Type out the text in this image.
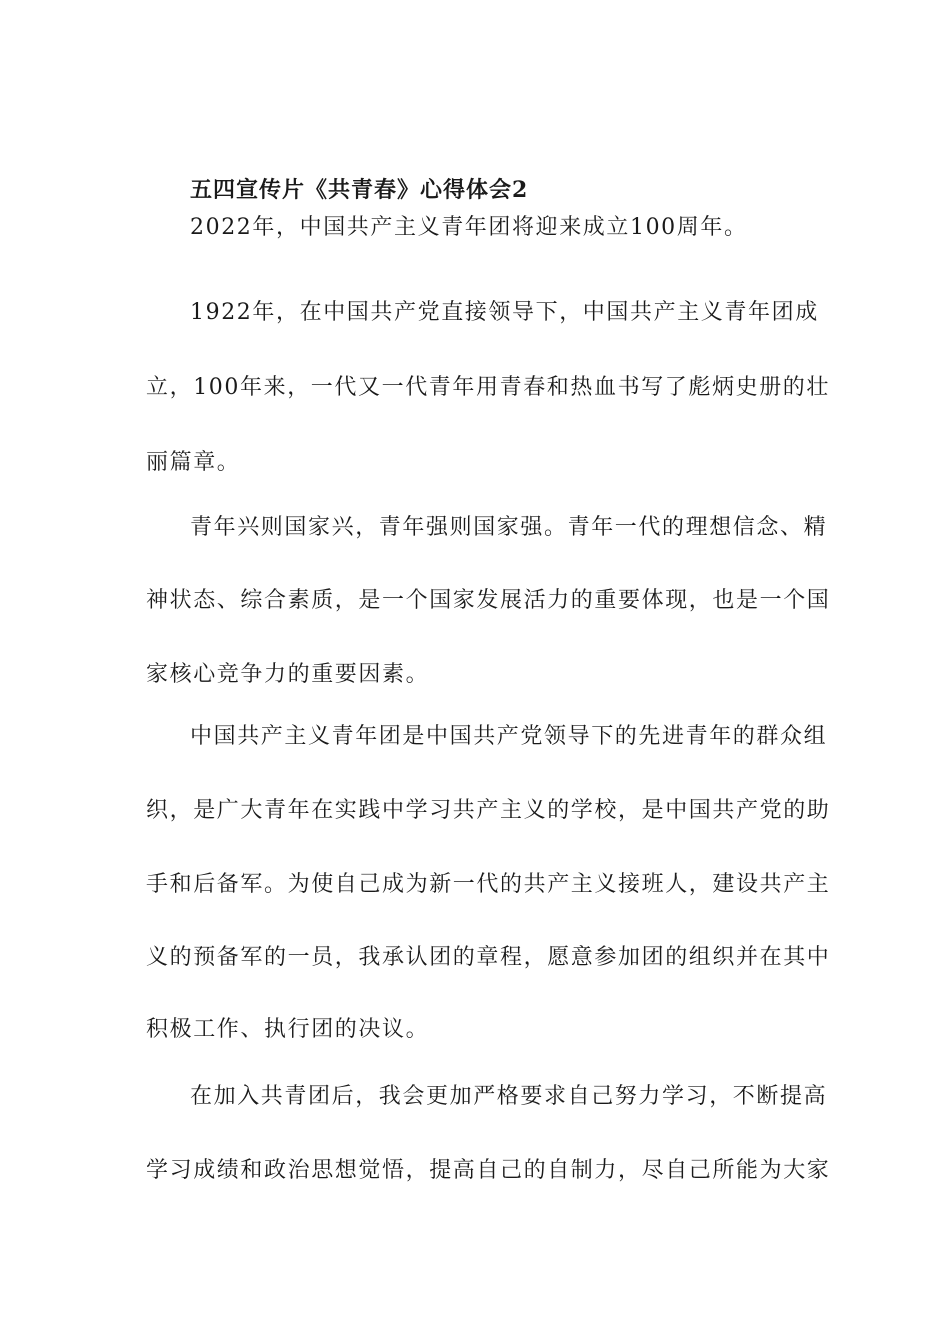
五四宣传片《共青春》心得体会2
2022年，中国共产主义青年团将迎来成立100周年。
1922年，在中国共产党直接领导下，中国共产主义青年团成
立，100年来，一代又一代青年用青春和热血书写了彪炳史册的壮
丽篇章。
青年兴则国家兴，青年强则国家强。青年一代的理想信念、精
神状态、综合素质，是一个国家发展活力的重要体现，也是一个国
家核心竞争力的重要因素。
中国共产主义青年团是中国共产党领导下的先进青年的群众组
织，是广大青年在实践中学习共产主义的学校，是中国共产党的助
手和后备军。为使自己成为新一代的共产主义接班人，建设共产主
义的预备军的一员，我承认团的章程，愿意参加团的组织并在其中
积极工作、执行团的决议。
在加入共青团后，我会更加严格要求自己努力学习，不断提高
学习成绩和政治思想觉悟，提高自己的自制力，尽自己所能为大家
